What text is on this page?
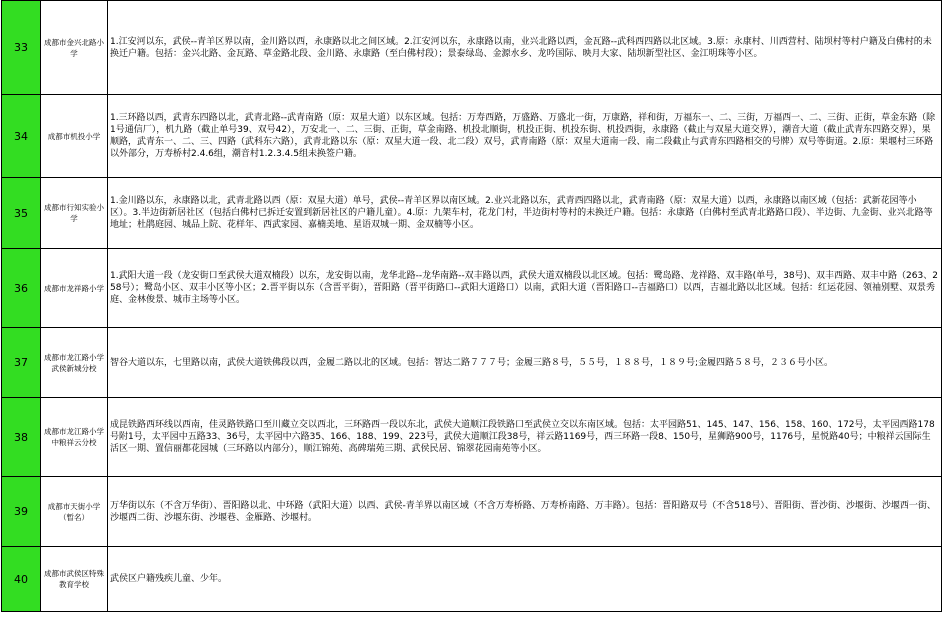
33	成都市金兴北路小学	1.江安河以东，武侯--青羊区界以南，金川路以西，永康路以北之间区域。2.江安河以东，永康路以南，业兴北路以西，金瓦路--武科西四路以北区域。3.原：永康村、川西营村、陆坝村等村户籍及白佛村的未换迁户籍。包括：金兴北路、金瓦路、草金路北段、金川路、永康路（至白佛村段）；景泰绿岛、金源水乡、龙吟国际、映月大家、陆坝新型社区、金江明珠等小区。
34	成都市机投小学	1.三环路以西，武青东四路以北，武青北路--武青南路（原：双星大道）以东区域。包括：万寿西路，万盛路、万盛北一街，万康路，祥和街，万福东一、二、三街，万福西一、二、三街、正街，草金东路（除1号通信厂），机九路（截止单号39、双号42），万安北一、二、三街、正街，草金南路、机投北顺街，机投正街、机投东街、机投西街，永康路（截止与双星大道交界），潮音大道（截止武青东四路交界），果顺路，武青东一、二、三、四路（武科东六路），武青北路以东（原：双星大道一段、北二段）双号，武青南路（原：双星大道南一段、南二段截止与武青东四路相交的号牌）双号等街道。2.原：果堰村三环路以外部分，万寿桥村2.4.6组，潮音村1.2.3.4.5组未换签户籍。
35	成都市行知实验小学	1.金川路以东，永康路以北，武青北路以西（原：双星大道）单号，武侯--青羊区界以南区域。2.业兴北路以东，武青西四路以北，武青南路（原：双星大道）以西，永康路以南区域（包括：武新花园等小区）。3.半边街新居社区（包括白佛村已拆迁安置到新居社区的户籍儿童）。4.原：九架车村，花龙门村，半边街村等村的未换迁户籍。包括：永康路（白佛村至武青北路路口段）、半边街、九金街、业兴北路等地址；杜鹃庭园、城品上院、花样年、西武家园、嘉楠美地、星语双城一期、金双楠等小区。
36	成都市龙祥路小学	1.武阳大道一段（龙安街口至武侯大道双楠段）以东，龙安街以南，龙华北路--龙华南路--双丰路以西，武侯大道双楠段以北区域。包括：鹭岛路、龙祥路、双丰路(单号，38号)、双丰西路、双丰中路（263、258号）；鹭岛小区、双丰小区等小区；2.晋平街以东（含晋平街），晋阳路（晋平街路口--武阳大道路口）以南，武阳大道（晋阳路口--吉福路口）以西，吉福北路以北区域。包括：红运花园、领袖别墅、双景秀庭、金林俊景、城市主场等小区。
37	成都市龙江路小学武侯新城分校	智谷大道以东，七里路以南，武侯大道铁佛段以西，金履二路以北的区域。包括：智达二路７７７号；金履三路８号，５５号，１８８号，１８９号;金履四路５８号，２３６号小区。
38	成都市龙江路小学中粮祥云分校	成昆铁路西环线以西南，佳灵路铁路口至川藏立交以西北，三环路西一段以东北，武侯大道顺江段铁路口至武侯立交以东南区域。包括：太平园路51、145、147、156、158、160、172号，太平园西路178号附1号，太平园中五路33、36号，太平园中六路35、166、188、199、223号，武侯大道顺江段38号，祥云路1169号，西三环路一段8、150号，星狮路900号，1176号，星悦路40号；中粮祥云国际生活区一期、置信丽都花园城（三环路以内部分），顺江锦苑、高碑瑞苑三期、武侯民居、锦翠花园南苑等小区。
39	成都市天街小学（暂名）	万华街以东（不含万华街）、晋阳路以北、中环路（武阳大道）以西、武侯-青羊界以南区域（不含万寿桥路、万寿桥南路、万丰路）。包括：晋阳路双号（不含518号）、晋阳街、晋沙街、沙堰街、沙堰西一街、沙堰西二街、沙堰东街、沙堰巷、金雁路、沙堰村。
40	成都市武侯区特殊教育学校	武侯区户籍残疾儿童、少年。
